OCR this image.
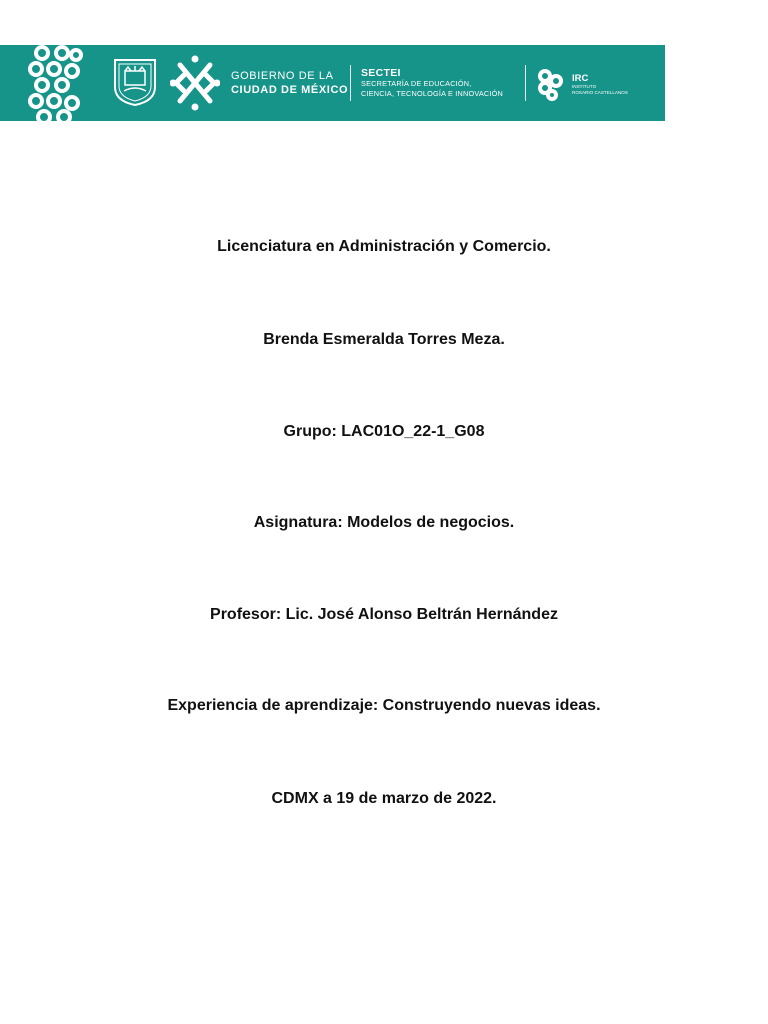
GOBIERNO DE LA
CIUDAD DE MÉXICO
SECTEI
SECRETARÍA DE EDUCACIÓN,
CIENCIA, TECNOLOGÍA E INNOVACIÓN
IRC
INSTITUTO
ROSARIO CASTELLANOS
Licenciatura en Administración y Comercio.
Brenda Esmeralda Torres Meza.
Grupo: LAC01O_22-1_G08
Asignatura: Modelos de negocios.
Profesor: Lic. José Alonso Beltrán Hernández
Experiencia de aprendizaje: Construyendo nuevas ideas.
CDMX a 19 de marzo de 2022.
